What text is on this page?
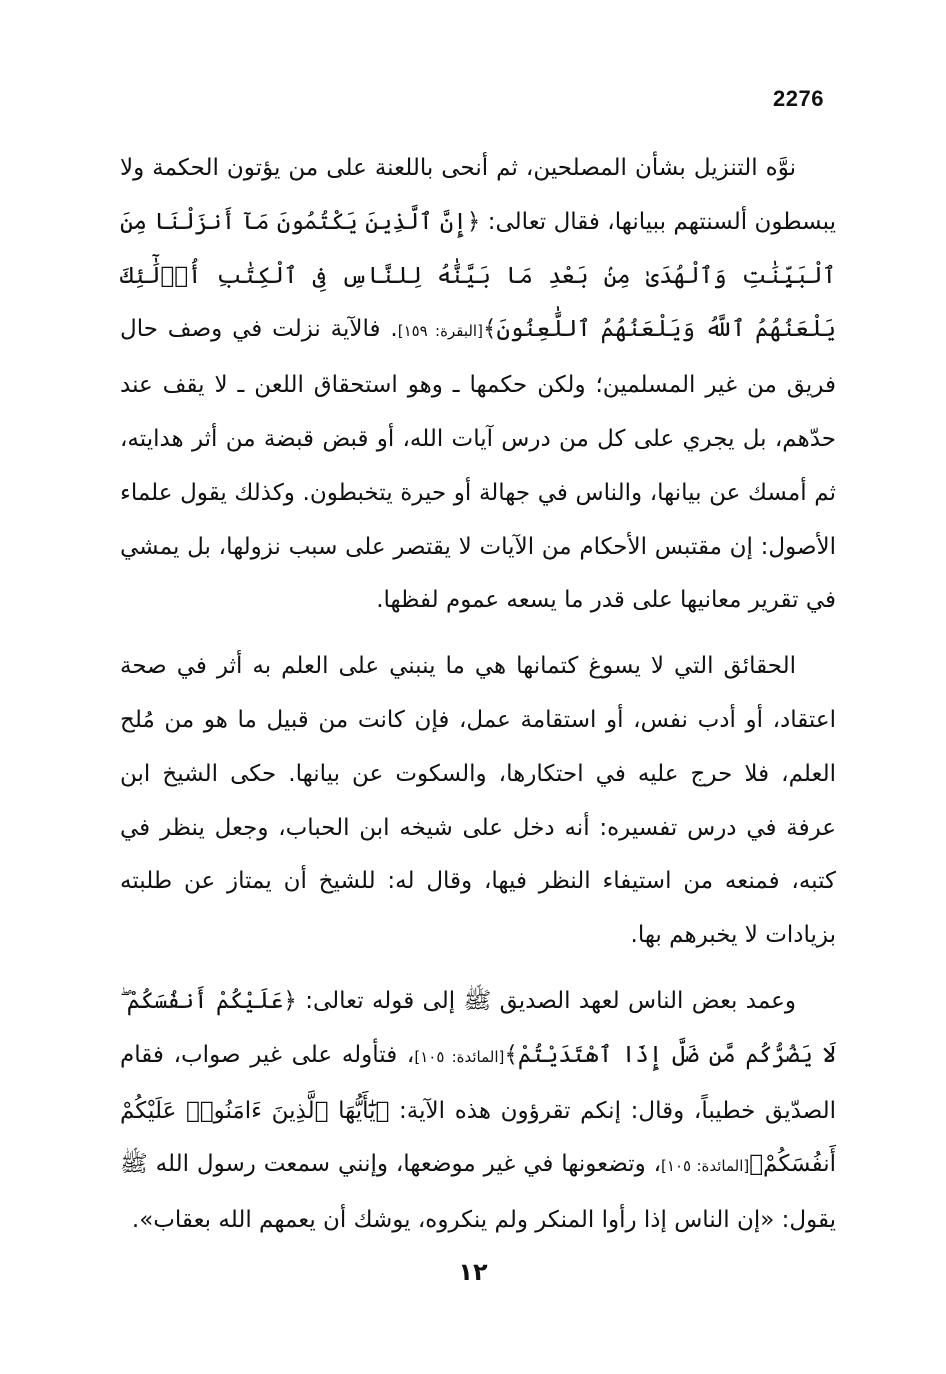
2276

نوَّه التنزيل بشأن المصلحين، ثم أنحى باللعنة على من يؤتون الحكمة ولا يبسطون ألسنتهم ببيانها، فقال تعالى: ﴿إِنَّ ٱلَّذِينَ يَكْتُمُونَ مَآ أَنزَلْنَا مِنَ ٱلْبَيِّنَٰتِ وَٱلْهُدَىٰ مِنۢ بَعْدِ مَا بَيَّنَّٰهُ لِلنَّاسِ فِى ٱلْكِتَٰبِ أُو۟لَٰٓئِكَ يَلْعَنُهُمُ ٱللَّهُ وَيَلْعَنُهُمُ ٱللَّٰعِنُونَ﴾[البقرة: ١٥٩]. فالآية نزلت في وصف حال فريق من غير المسلمين؛ ولكن حكمها ـ وهو استحقاق اللعن ـ لا يقف عند حدّهم، بل يجري على كل من درس آيات الله، أو قبض قبضة من أثر هدايته، ثم أمسك عن بيانها، والناس في جهالة أو حيرة يتخبطون. وكذلك يقول علماء الأصول: إن مقتبس الأحكام من الآيات لا يقتصر على سبب نزولها، بل يمشي في تقرير معانيها على قدر ما يسعه عموم لفظها.

الحقائق التي لا يسوغ كتمانها هي ما ينبني على العلم به أثر في صحة اعتقاد، أو أدب نفس، أو استقامة عمل، فإن كانت من قبيل ما هو من مُلح العلم، فلا حرج عليه في احتكارها، والسكوت عن بيانها. حكى الشيخ ابن عرفة في درس تفسيره: أنه دخل على شيخه ابن الحباب، وجعل ينظر في كتبه، فمنعه من استيفاء النظر فيها، وقال له: للشيخ أن يمتاز عن طلبته بزيادات لا يخبرهم بها.

وعمد بعض الناس لعهد الصديق ﷺ إلى قوله تعالى: ﴿عَلَيْكُمْ أَنفُسَكُمْ ۖ لَا يَضُرُّكُم مَّن ضَلَّ إِذَا ٱهْتَدَيْتُمْ﴾[المائدة: ١٠٥]، فتأوله على غير صواب، فقام الصدّيق خطيباً، وقال: إنكم تقرؤون هذه الآية: ﴿يَٰٓأَيُّهَا ٱلَّذِينَ ءَامَنُوا۟ عَلَيْكُمْ أَنفُسَكُمْ﴾[المائدة: ١٠٥]، وتضعونها في غير موضعها، وإنني سمعت رسول الله ﷺ يقول: «إن الناس إذا رأوا المنكر ولم ينكروه، يوشك أن يعمهم الله بعقاب».

١٢
